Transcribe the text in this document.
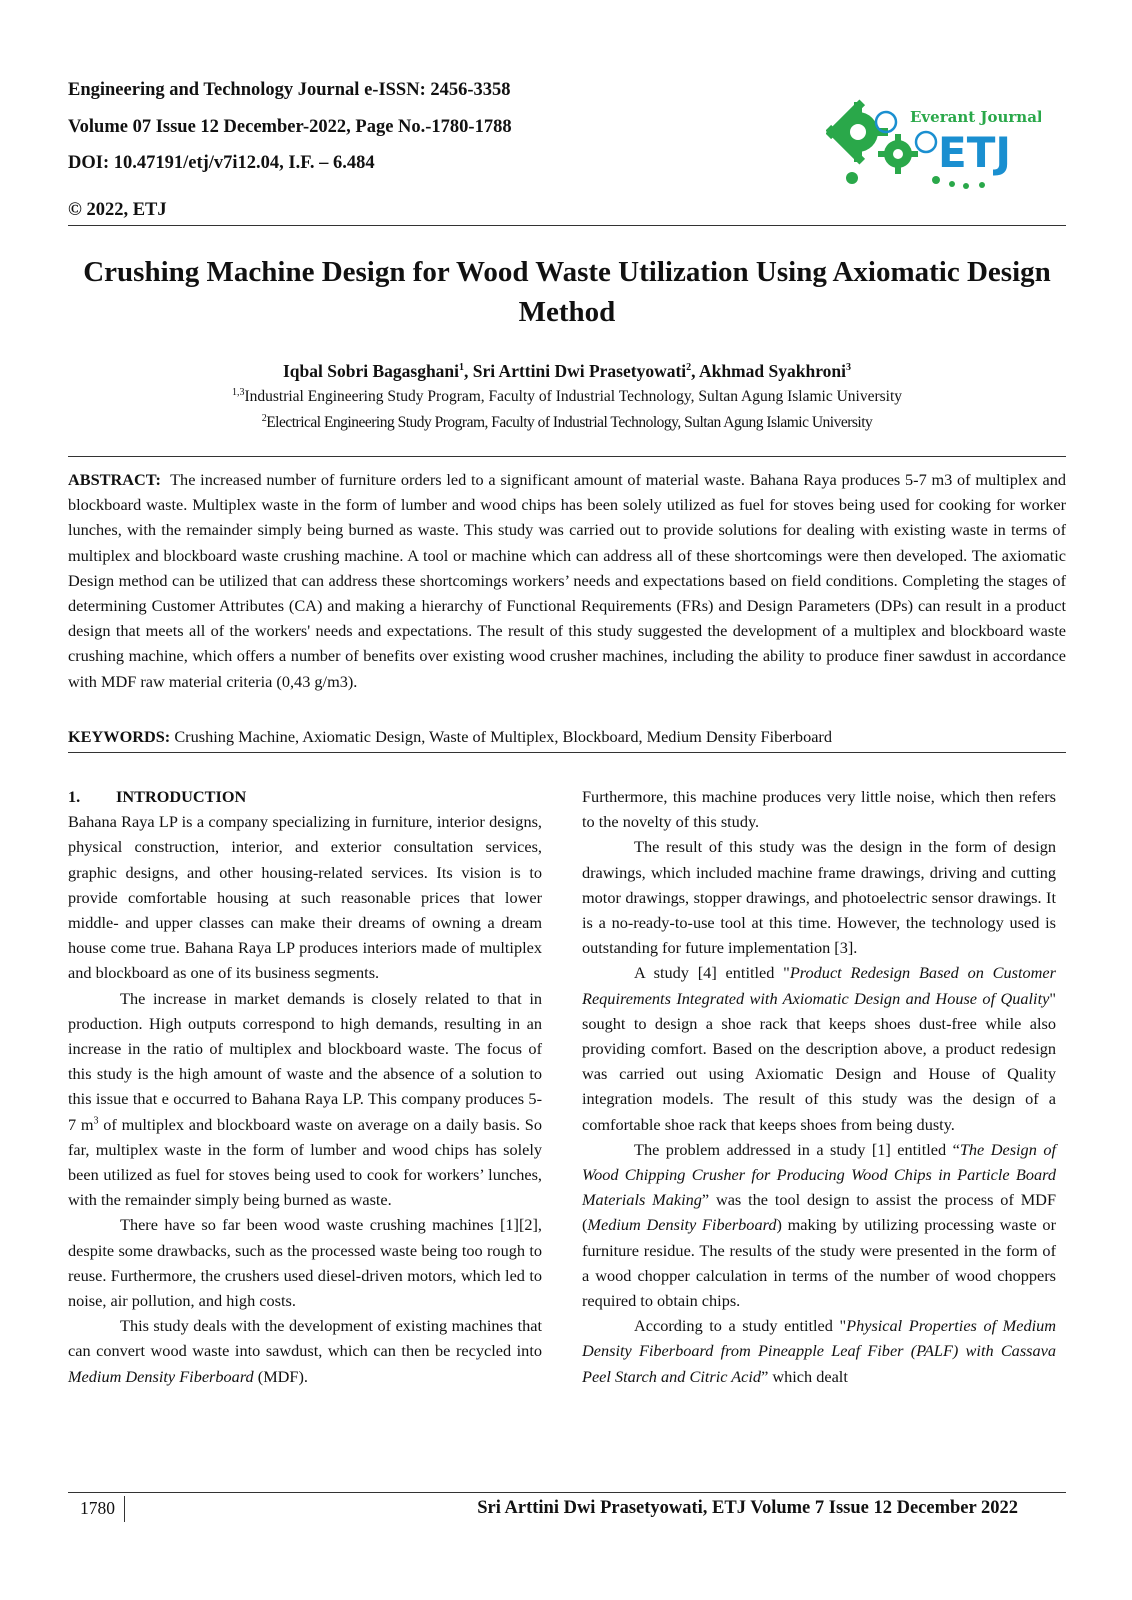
Engineering and Technology Journal e-ISSN: 2456-3358
Volume 07 Issue 12 December-2022, Page No.-1780-1788
DOI: 10.47191/etj/v7i12.04, I.F. – 6.484
© 2022, ETJ
Everant Journal
ETJ
Crushing Machine Design for Wood Waste Utilization Using Axiomatic Design Method
Iqbal Sobri Bagasghani$^1$, Sri Arttini Dwi Prasetyowati$^2$, Akhmad Syakhroni$^3$
$^{1,3}$Industrial Engineering Study Program, Faculty of Industrial Technology, Sultan Agung Islamic University
$^2$Electrical Engineering Study Program, Faculty of Industrial Technology, Sultan Agung Islamic University
ABSTRACT: The increased number of furniture orders led to a significant amount of material waste. Bahana Raya produces 5-7 m3 of multiplex and blockboard waste. Multiplex waste in the form of lumber and wood chips has been solely utilized as fuel for stoves being used for cooking for worker lunches, with the remainder simply being burned as waste. This study was carried out to provide solutions for dealing with existing waste in terms of multiplex and blockboard waste crushing machine. A tool or machine which can address all of these shortcomings were then developed. The axiomatic Design method can be utilized that can address these shortcomings workers’ needs and expectations based on field conditions. Completing the stages of determining Customer Attributes (CA) and making a hierarchy of Functional Requirements (FRs) and Design Parameters (DPs) can result in a product design that meets all of the workers' needs and expectations. The result of this study suggested the development of a multiplex and blockboard waste crushing machine, which offers a number of benefits over existing wood crusher machines, including the ability to produce finer sawdust in accordance with MDF raw material criteria (0,43 g/m3).
KEYWORDS: Crushing Machine, Axiomatic Design, Waste of Multiplex, Blockboard, Medium Density Fiberboard

1. INTRODUCTION

Bahana Raya LP is a company specializing in furniture, interior designs, physical construction, interior, and exterior consultation services, graphic designs, and other housing-related services. Its vision is to provide comfortable housing at such reasonable prices that lower middle- and upper classes can make their dreams of owning a dream house come true. Bahana Raya LP produces interiors made of multiplex and blockboard as one of its business segments.

The increase in market demands is closely related to that in production. High outputs correspond to high demands, resulting in an increase in the ratio of multiplex and blockboard waste. The focus of this study is the high amount of waste and the absence of a solution to this issue that e occurred to Bahana Raya LP. This company produces 5-7 $m^3$ of multiplex and blockboard waste on average on a daily basis. So far, multiplex waste in the form of lumber and wood chips has solely been utilized as fuel for stoves being used to cook for workers’ lunches, with the remainder simply being burned as waste.

There have so far been wood waste crushing machines [1][2], despite some drawbacks, such as the processed waste being too rough to reuse. Furthermore, the crushers used diesel-driven motors, which led to noise, air pollution, and high costs.

This study deals with the development of existing machines that can convert wood waste into sawdust, which can then be recycled into Medium Density Fiberboard (MDF).

Furthermore, this machine produces very little noise, which then refers to the novelty of this study.

The result of this study was the design in the form of design drawings, which included machine frame drawings, driving and cutting motor drawings, stopper drawings, and photoelectric sensor drawings. It is a no-ready-to-use tool at this time. However, the technology used is outstanding for future implementation [3].

A study [4] entitled "Product Redesign Based on Customer Requirements Integrated with Axiomatic Design and House of Quality" sought to design a shoe rack that keeps shoes dust-free while also providing comfort. Based on the description above, a product redesign was carried out using Axiomatic Design and House of Quality integration models. The result of this study was the design of a comfortable shoe rack that keeps shoes from being dusty.

The problem addressed in a study [1] entitled “The Design of Wood Chipping Crusher for Producing Wood Chips in Particle Board Materials Making” was the tool design to assist the process of MDF (Medium Density Fiberboard) making by utilizing processing waste or furniture residue. The results of the study were presented in the form of a wood chopper calculation in terms of the number of wood choppers required to obtain chips.

According to a study entitled "Physical Properties of Medium Density Fiberboard from Pineapple Leaf Fiber (PALF) with Cassava Peel Starch and Citric Acid” which dealt

1780	Sri Arttini Dwi Prasetyowati, ETJ Volume 7 Issue 12 December 2022
